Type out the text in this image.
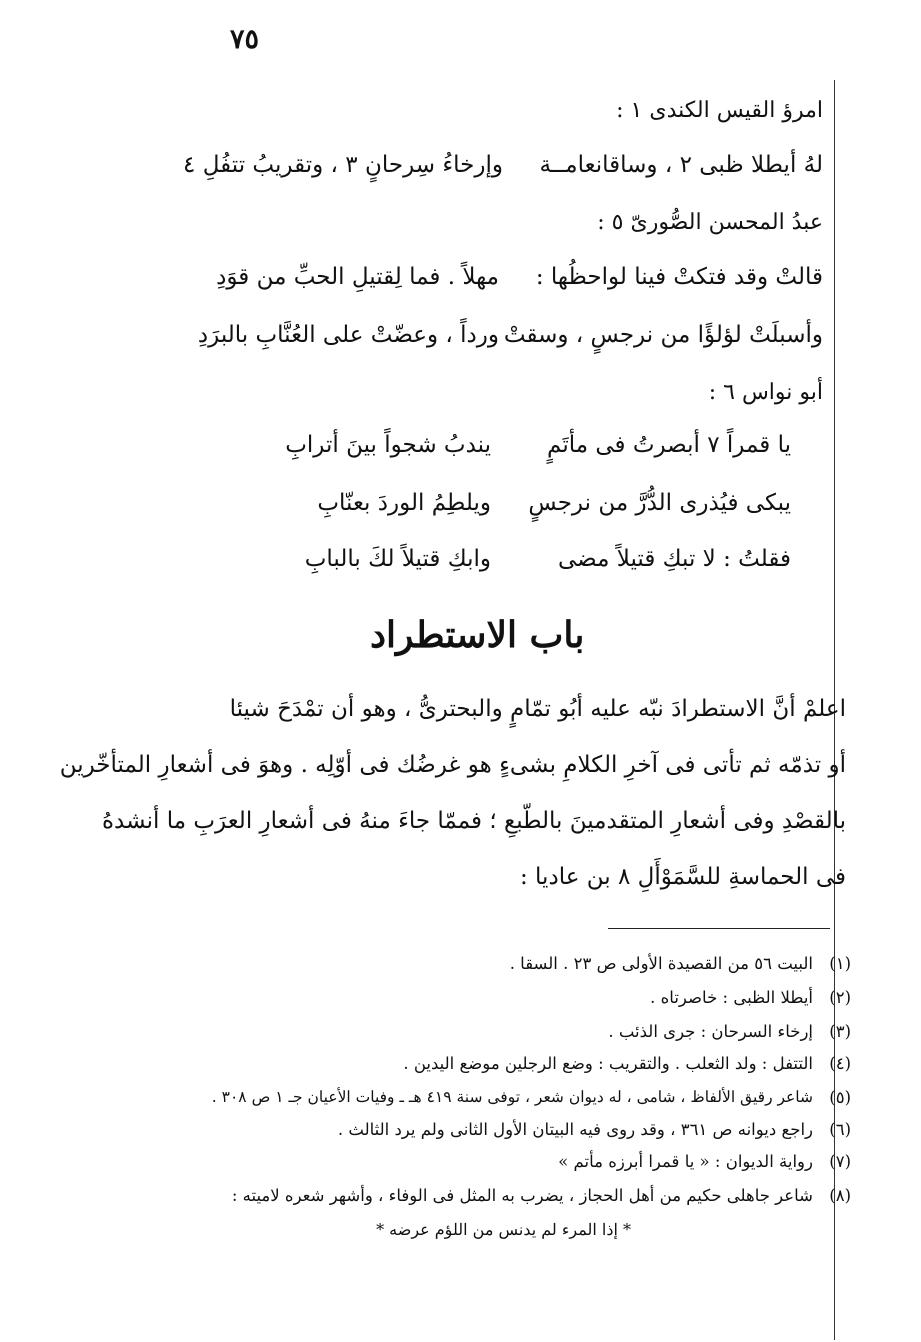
٧٥
امرؤ القيس الكندى ١ :
لهُ أيطلا ظبى ٢ ، وساقانعامــة
وإرخاءُ سِرحانٍ ٣ ، وتقريبُ تتفُلِ ٤
عبدُ المحسن الصُّورىّ ٥ :
قالتْ وقد فتكتْ فينا لواحظُها :
مهلاً . فما لِقتيلِ الحبِّ من قوَدِ
وأسبلَتْ لؤلؤًا من نرجسٍ ، وسقتْ
ورداً ، وعضّتْ على العُنَّابِ بالبرَدِ
أبو نواس ٦ :
يا قمراً ٧ أبصرتُ فى مأتَمٍ
يندبُ شجواً بينَ أترابِ
يبكى فيُذرى الدُّرَّ من نرجسٍ
ويلطِمُ الوردَ بعنّابِ
فقلتُ : لا تبكِ قتيلاً مضى
وابكِ قتيلاً لكَ بالبابِ
باب الاستطراد
اعلمْ أنَّ الاستطرادَ نبّه عليه أبُو تمّامٍ والبحترىُّ ، وهو أن تمْدَحَ شيئا
أو تذمّه ثم تأتى فى آخرِ الكلامِ بشىءٍ هو غرضُك فى أوّلِه . وهوَ فى أشعارِ المتأخّرين
بالقصْدِ وفى أشعارِ المتقدمينَ بالطّبعِ ؛ فممّا جاءَ منهُ فى أشعارِ العرَبِ ما أنشدهُ
فى الحماسةِ للسَّمَوْأَلِ ٨ بن عاديا :
(١)
البيت ٥٦ من القصيدة الأولى ص ٢٣ . السقا .
(٢)
أيطلا الظبى : خاصرتاه .
(٣)
إرخاء السرحان : جرى الذئب .
(٤)
التتفل : ولد الثعلب . والتقريب : وضع الرجلين موضع اليدين .
(٥)
شاعر رقيق الألفاظ ، شامى ، له ديوان شعر ، توفى سنة ٤١٩ هـ ـ وفيات الأعيان جـ ١ ص ٣٠٨ .
(٦)
راجع ديوانه ص ٣٦١ ، وقد روى فيه البيتان الأول الثانى ولم يرد الثالث .
(٧)
رواية الديوان : « يا قمرا أبرزه مأتم »
(٨)
شاعر جاهلى حكيم من أهل الحجاز ، يضرب به المثل فى الوفاء ، وأشهر شعره لاميته :
* إذا المرء لم يدنس من اللؤم عرضه *
